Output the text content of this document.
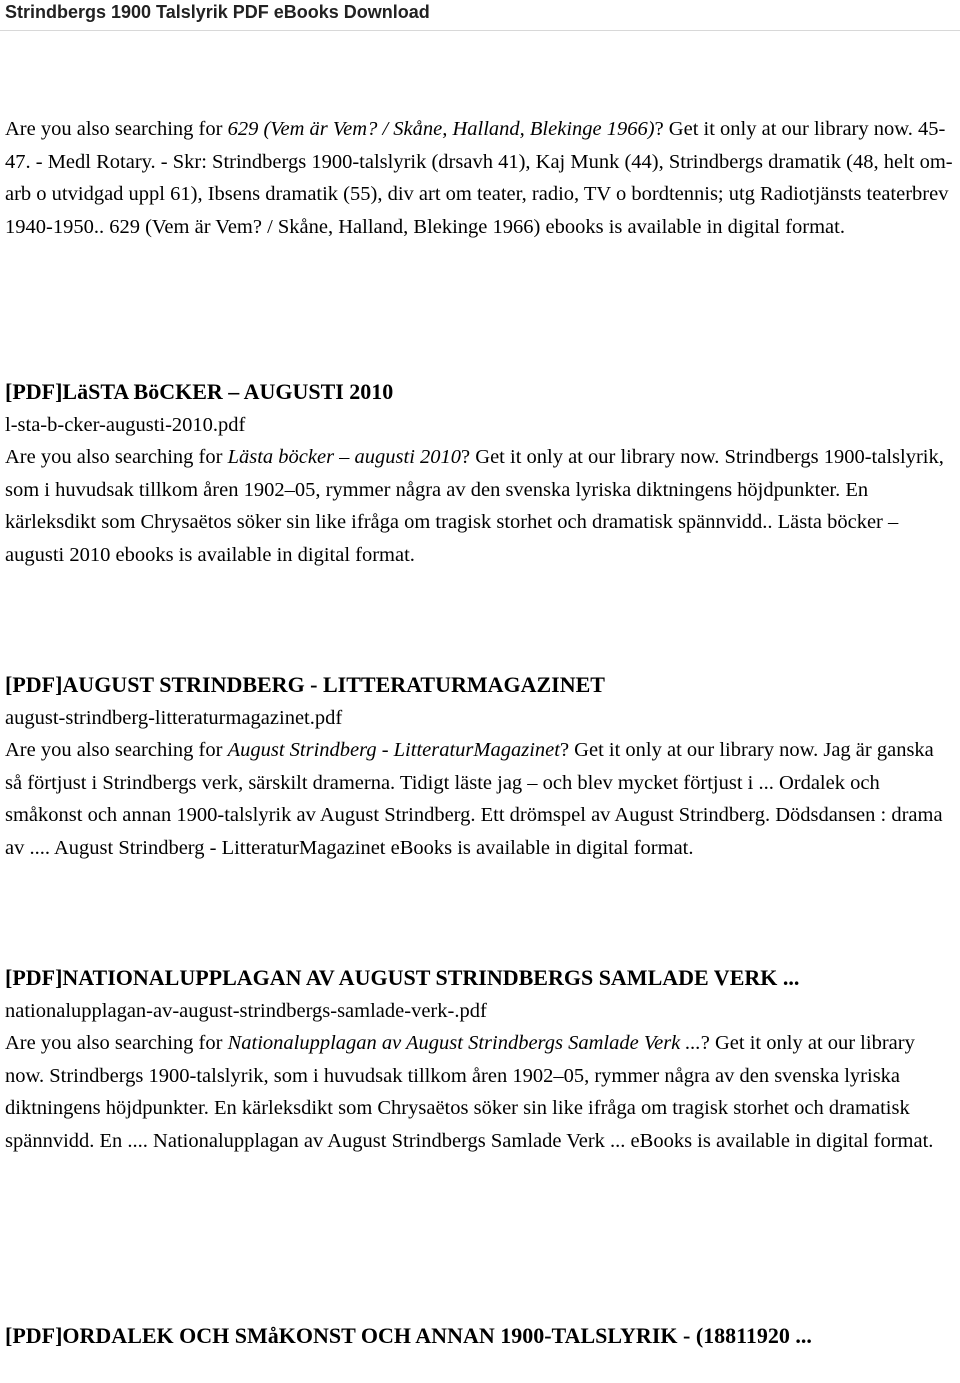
Strindbergs 1900 Talslyrik PDF eBooks Download

Are you also searching for 629 (Vem är Vem? / Skåne, Halland, Blekinge 1966)? Get it only at our library now. 45-47. - Medl Rotary. - Skr: Strindbergs 1900-talslyrik (drsavh 41), Kaj Munk (44), Strindbergs dramatik (48, helt om-arb o utvidgad uppl 61), Ibsens dramatik (55), div art om teater, radio, TV o bordtennis; utg Radiotjänsts teaterbrev 1940-1950.. 629 (Vem är Vem? / Skåne, Halland, Blekinge 1966) ebooks is available in digital format.

[PDF]LäSTA BöCKER – AUGUSTI 2010

l-sta-b-cker-augusti-2010.pdf

Are you also searching for Lästa böcker – augusti 2010? Get it only at our library now. Strindbergs 1900-talslyrik, som i huvudsak tillkom åren 1902–05, rymmer några av den svenska lyriska diktningens höjdpunkter. En kärleksdikt som Chrysaëtos söker sin like ifråga om tragisk storhet och dramatisk spännvidd.. Lästa böcker – augusti 2010 ebooks is available in digital format.

[PDF]AUGUST STRINDBERG - LITTERATURMAGAZINET

august-strindberg-litteraturmagazinet.pdf

Are you also searching for August Strindberg - LitteraturMagazinet? Get it only at our library now. Jag är ganska så förtjust i Strindbergs verk, särskilt dramerna. Tidigt läste jag – och blev mycket förtjust i ... Ordalek och småkonst och annan 1900-talslyrik av August Strindberg. Ett drömspel av August Strindberg. Dödsdansen : drama av .... August Strindberg - LitteraturMagazinet eBooks is available in digital format.

[PDF]NATIONALUPPLAGAN AV AUGUST STRINDBERGS SAMLADE VERK ...

nationalupplagan-av-august-strindbergs-samlade-verk-.pdf

Are you also searching for Nationalupplagan av August Strindbergs Samlade Verk ...? Get it only at our library now. Strindbergs 1900-talslyrik, som i huvudsak tillkom åren 1902–05, rymmer några av den svenska lyriska diktningens höjdpunkter. En kärleksdikt som Chrysaëtos söker sin like ifråga om tragisk storhet och dramatisk spännvidd. En .... Nationalupplagan av August Strindbergs Samlade Verk ... eBooks is available in digital format.

[PDF]ORDALEK OCH SMåKONST OCH ANNAN 1900-TALSLYRIK - (18811920 ...
